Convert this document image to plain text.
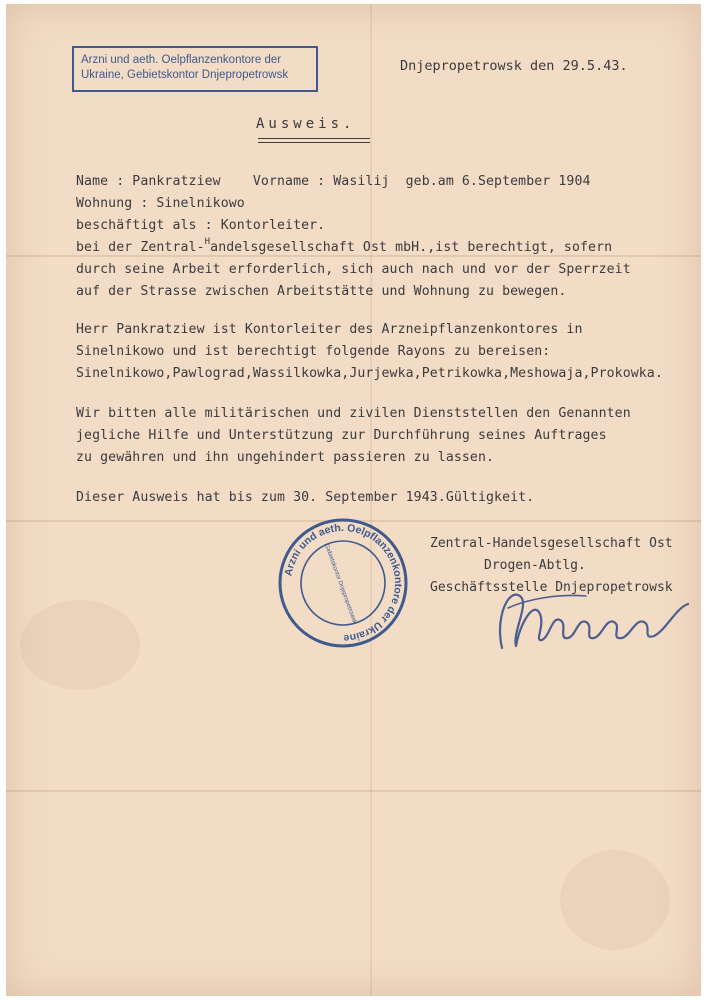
Arzni und aeth. Oelpflanzenkontore der
Ukraine, Gebietskontor Dnjepropetrowsk
Dnjepropetrowsk den 29.5.43.
Ausweis.

Name : Pankratziew    Vorname : Wasilij  geb.am 6.September 1904

Wohnung : Sinelnikowo

beschäftigt als : Kontorleiter.

bei der Zentral-$^H$andelsgesellschaft Ost mbH.,ist berechtigt, sofern

durch seine Arbeit erforderlich, sich auch nach und vor der Sperrzeit

auf der Strasse zwischen Arbeitstätte und Wohnung zu bewegen.

Herr Pankratziew ist Kontorleiter des Arzneipflanzenkontores in

Sinelnikowo und ist berechtigt folgende Rayons zu bereisen:

Sinelnikowo,Pawlograd,Wassilkowka,Jurjewka,Petrikowka,Meshowaja,Prokowka.

Wir bitten alle militärischen und zivilen Dienststellen den Genannten

jegliche Hilfe und Unterstützung zur Durchführung seines Auftrages

zu gewähren und ihn ungehindert passieren zu lassen.

Dieser Ausweis hat bis zum 30. September 1943.Gültigkeit.

Zentral-Handelsgesellschaft Ost

Drogen-Abtlg.

Geschäftsstelle Dnjepropetrowsk

Arzni und aeth. Oelpflanzenkontore der Ukraine
Gebietskontor Dnjepropetrowsk
